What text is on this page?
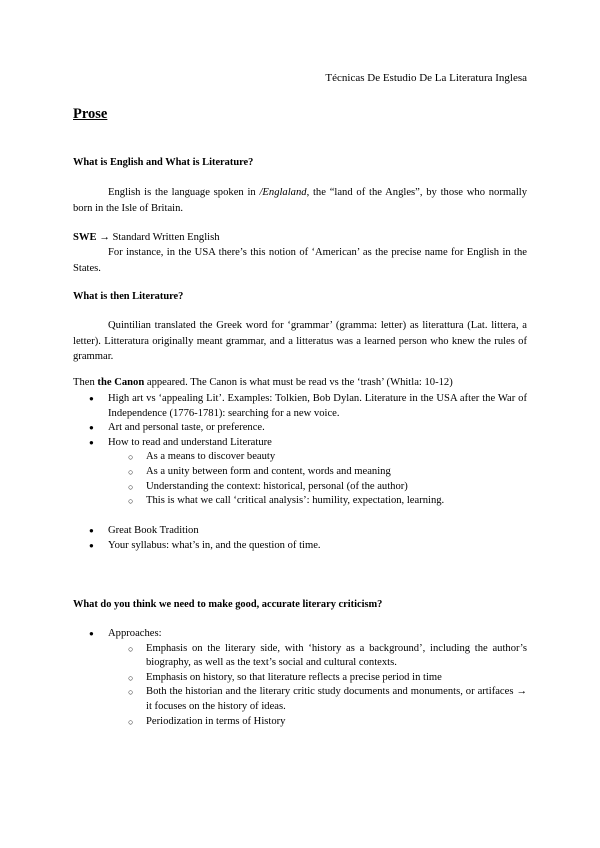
Técnicas De Estudio De La Literatura Inglesa
Prose
What is English and What is Literature?
English is the language spoken in /Englaland, the “land of the Angles”, by those who normally born in the Isle of Britain.
SWE → Standard Written English
For instance, in the USA there’s this notion of ‘American’ as the precise name for English in the States.
What is then Literature?
Quintilian translated the Greek word for ‘grammar’ (gramma: letter) as literattura (Lat. littera, a letter). Litteratura originally meant grammar, and a litteratus was a learned person who knew the rules of grammar.
Then the Canon appeared. The Canon is what must be read vs the ‘trash’ (Whitla: 10-12)
● High art vs ‘appealing Lit’. Examples: Tolkien, Bob Dylan. Literature in the USA after the War of Independence (1776-1781): searching for a new voice.
● Art and personal taste, or preference.
● How to read and understand Literature
○ As a means to discover beauty
○ As a unity between form and content, words and meaning
○ Understanding the context: historical, personal (of the author)
○ This is what we call ‘critical analysis’: humility, expectation, learning.
● Great Book Tradition
● Your syllabus: what’s in, and the question of time.
What do you think we need to make good, accurate literary criticism?
● Approaches:
○ Emphasis on the literary side, with ‘history as a background’, including the author’s biography, as well as the text’s social and cultural contexts.
○ Emphasis on history, so that literature reflects a precise period in time
○ Both the historian and the literary critic study documents and monuments, or artifaces → it focuses on the history of ideas.
○ Periodization in terms of History
